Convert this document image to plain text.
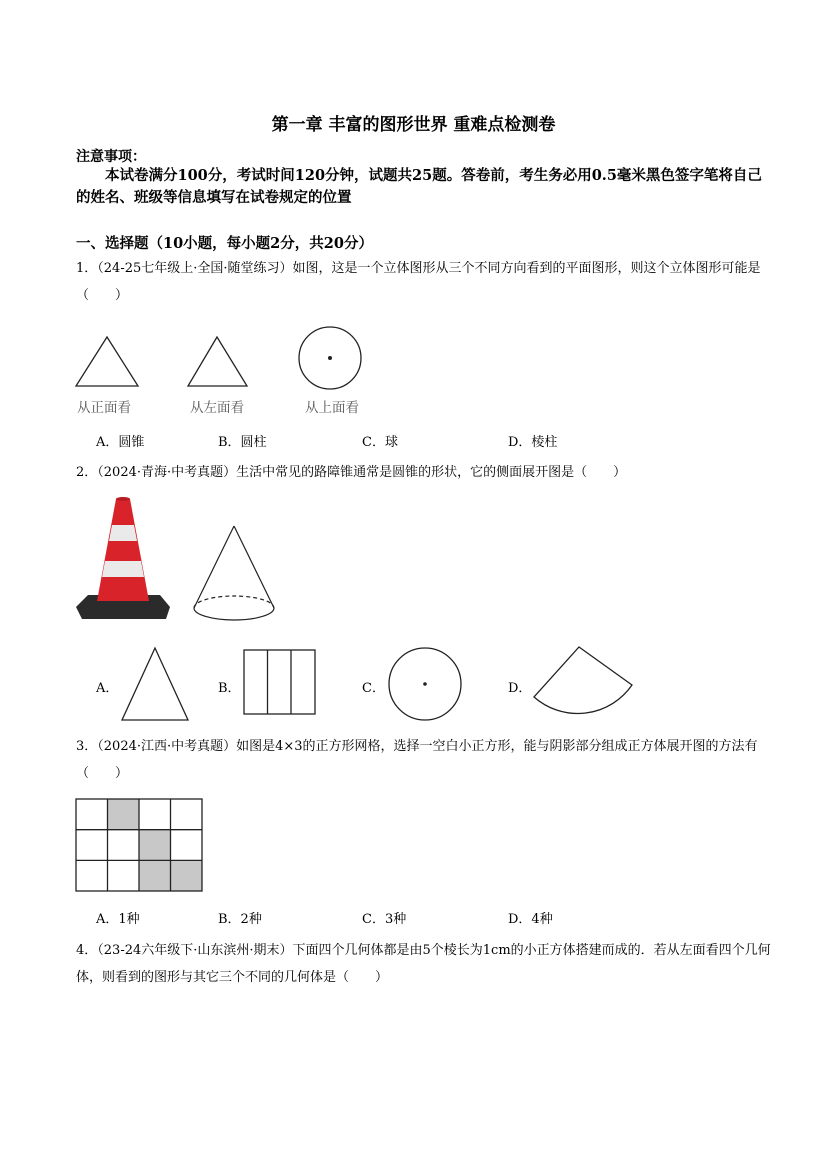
第一章 丰富的图形世界 重难点检测卷
注意事项：
本试卷满分100分，考试时间120分钟，试题共25题。答卷前，考生务必用0.5毫米黑色签字笔将自己的姓名、班级等信息填写在试卷规定的位置
一、选择题（10小题，每小题2分，共20分）
1．（24-25七年级上·全国·随堂练习）如图，这是一个立体图形从三个不同方向看到的平面图形，则这个立体图形可能是（　　）
从正面看	从左面看	从上面看
A．圆锥	B．圆柱	C．球	D．棱柱
2．（2024·青海·中考真题）生活中常见的路障锥通常是圆锥的形状，它的侧面展开图是（　　）
A．	B．	C．	D．
3．（2024·江西·中考真题）如图是4×3的正方形网格，选择一空白小正方形，能与阴影部分组成正方体展开图的方法有（　　）
A．1种	B．2种	C．3种	D．4种
4．（23-24六年级下·山东滨州·期末）下面四个几何体都是由5个棱长为1cm的小正方体搭建而成的．若从左面看四个几何体，则看到的图形与其它三个不同的几何体是（　　）
